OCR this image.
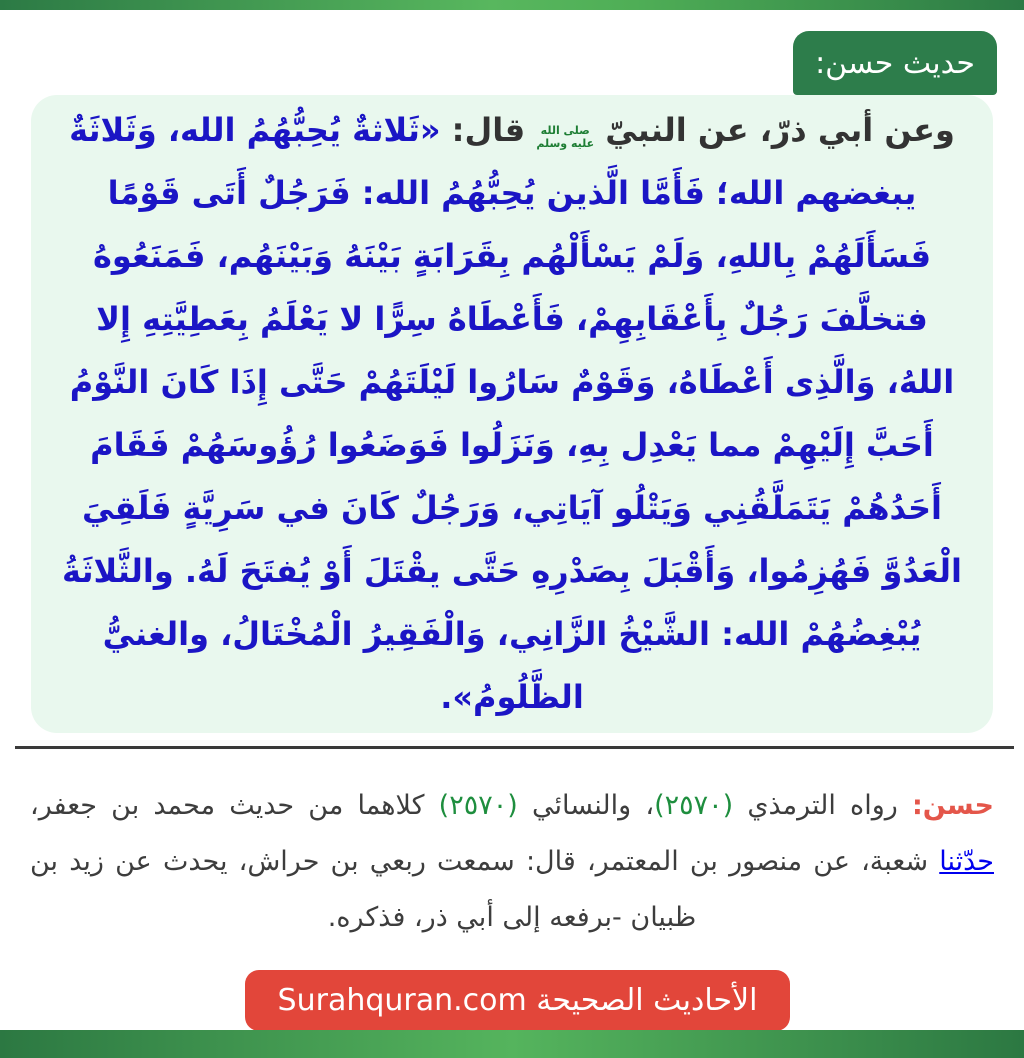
حديث حسن:

وعن أبي ذرّ، عن النبيّ
صلى الله
عليه وسلم
قال: «ثَلاثةٌ يُحِبُّهُمُ الله، وَثَلاثَةٌ يبغضهم الله؛ فَأَمَّا الَّذين يُحِبُّهُمُ الله: فَرَجُلٌ أَتَى قَوْمًا فَسَأَلَهُمْ بِاللهِ، وَلَمْ يَسْأَلْهُم بِقَرَابَةٍ بَيْنَهُ وَبَيْنَهُم، فَمَنَعُوهُ فتخلَّفَ رَجُلٌ بِأَعْقَابِهِمْ، فَأَعْطَاهُ سِرًّا لا يَعْلَمُ بِعَطِيَّتِهِ إِلا اللهُ، وَالَّذِى أَعْطَاهُ، وَقَوْمٌ سَارُوا لَيْلَتَهُمْ حَتَّى إِذَا كَانَ النَّوْمُ أَحَبَّ إِلَيْهِمْ مما يَعْدِل بِهِ، وَنَزَلُوا فَوَضَعُوا رُؤُوسَهُمْ فَقَامَ أَحَدُهُمْ يَتَمَلَّقُنِي وَيَتْلُو آيَاتِي، وَرَجُلٌ كَانَ في سَرِيَّةٍ فَلَقِيَ الْعَدُوَّ فَهُزِمُوا، وَأَقْبَلَ بِصَدْرِهِ حَتَّى يقْتَلَ أَوْ يُفتَحَ لَهُ. والثَّلاثَةُ يُبْغِضُهُمْ الله: الشَّيْخُ الزَّانِي، وَالْفَقِيرُ الْمُخْتَالُ، والغنيُّ الظَّلُومُ».

حسن: رواه الترمذي (٢٥٧٠)، والنسائي (٢٥٧٠) كلاهما من حديث محمد بن جعفر، حدّثنا شعبة، عن منصور بن المعتمر، قال: سمعت ربعي بن حراش، يحدث عن زيد بن ظبيان -برفعه إلى أبي ذر، فذكره.

الأحاديث الصحيحة Surahquran.com
